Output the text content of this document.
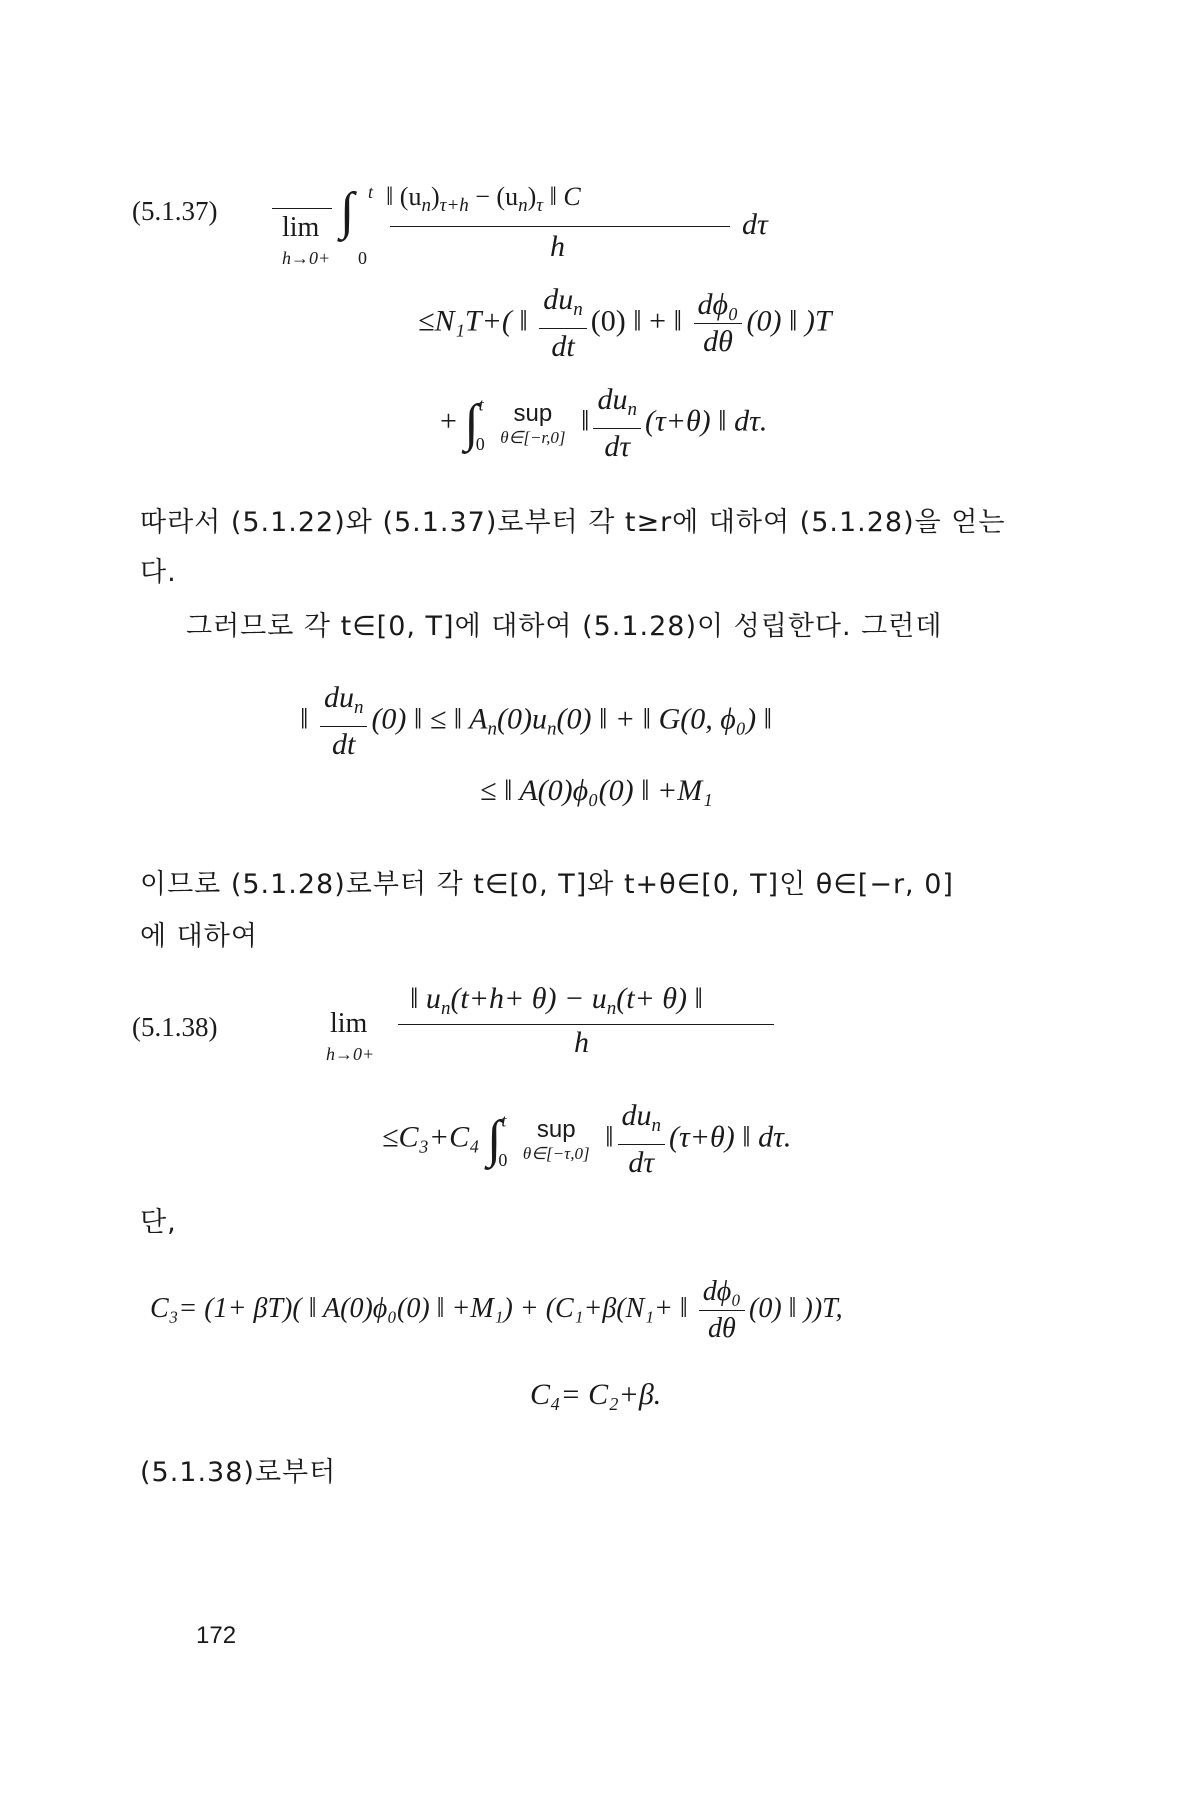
(5.1.37)
lim
h→0+
∫ t
0
‖ $(u_n)_{\tau+h} - (u_n)_\tau$ ‖ C
h
dτ
≤N₁T+( ‖ $\frac{du_n}{dt} (0)$ ‖ + ‖ $\frac{\text{dϕ₀}}{d\theta} (0)$ ‖ )T
+ ∫$^t_0$
sup
θ∈[−r,0] ‖ $\frac{du_n}{d\tau} (\tau+\theta)$ ‖ dτ.
따라서 (5.1.22)와 (5.1.37)로부터 각 t≥r에 대하여 (5.1.28)을 얻는
다.
그러므로 각 t∈[0, T]에 대하여 (5.1.28)이 성립한다. 그런데
‖ $\frac{du_n}{dt} (0)$ ‖ ≤ ‖ $A_n(0)u_n(0)$ ‖ + ‖ G(0, ϕ₀) ‖
≤ ‖ A(0)ϕ₀(0) ‖ +M₁
이므로 (5.1.28)로부터 각 t∈[0, T]와 t+θ∈[0, T]인 θ∈[−r, 0]
에 대하여
(5.1.38)	lim
h→0+
‖ $u_n(t+h+ \theta) - u_n(t+ \theta)$ ‖
h
≤C₃+C₄ ∫$^t_0$
sup
θ∈[−τ,0] ‖ $\frac{du_n}{d\tau} (\tau+\theta)$ ‖ dτ.
단,
C₃= (1+ βT)( ‖ A(0)ϕ₀(0) ‖ +M₁) + (C₁+β(N₁+ ‖ $\frac{\text{dϕ₀}}{d\theta} (0)$ ‖ ))T,
C₄= C₂+β.
(5.1.38)로부터
172
